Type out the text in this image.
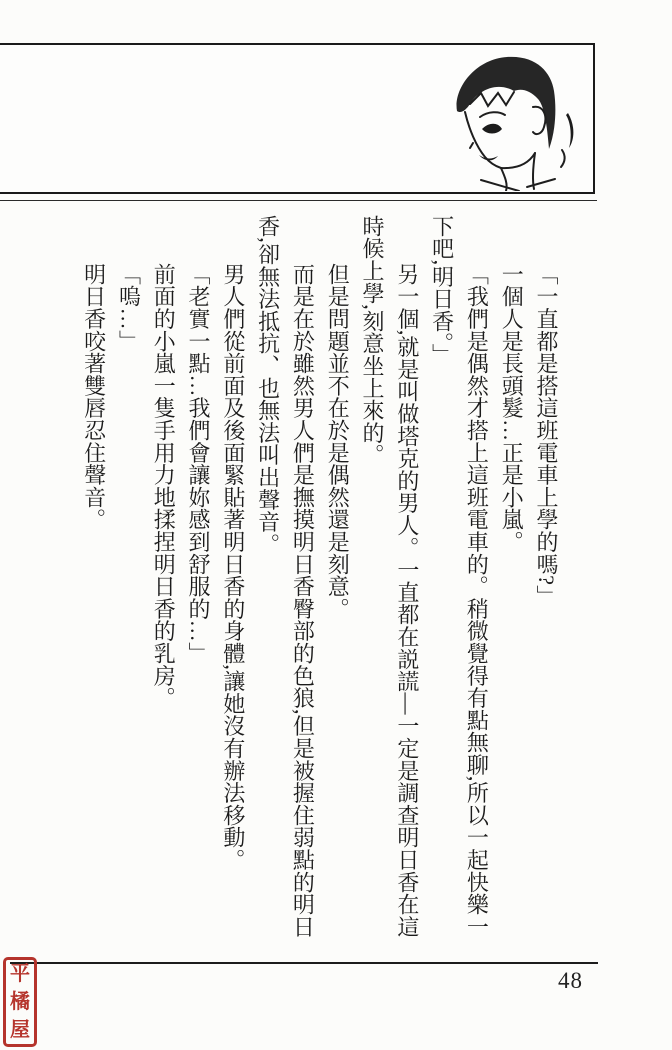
「一直都是搭這班電車上學的嗎?」

一個人是長頭髮…正是小嵐。

「我們是偶然才搭上這班電車的。稍微覺得有點無聊,所以一起快樂一

下吧,明日香。」

另一個,就是叫做塔克的男人。一直都在説謊—一定是調查明日香在這

時候上學,刻意坐上來的。

但是問題並不在於是偶然還是刻意。

而是在於雖然男人們是撫摸明日香臀部的色狼,但是被握住弱點的明日

香,卻無法抵抗、也無法叫出聲音。

男人們從前面及後面緊貼著明日香的身體,讓她沒有辦法移動。

「老實一點…我們會讓妳感到舒服的…」

前面的小嵐一隻手用力地揉捏明日香的乳房。

「嗚…」

明日香咬著雙唇忍住聲音。

48
平
橘
屋
